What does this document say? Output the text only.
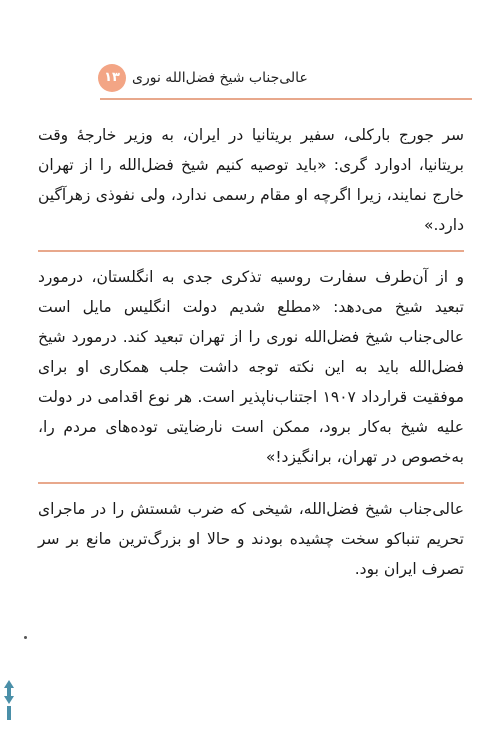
۱۳ عالی‌جناب شیخ فضل‌الله نوری

سر جورج بارکلی، سفیر بریتانیا در ایران، به وزیر خارجهٔ وقت بریتانیا، ادوارد گری: «باید توصیه کنیم شیخ فضل‌الله را از تهران خارج نمایند، زیرا اگرچه او مقام رسمی ندارد، ولی نفوذی زهرآگین دارد.»

و از آن‌طرف سفارت روسیه تذکری جدی به انگلستان، درمورد تبعید شیخ می‌دهد: «مطلع شدیم دولت انگلیس مایل است عالی‌جناب شیخ فضل‌الله نوری را از تهران تبعید کند. درمورد شیخ فضل‌الله باید به این نکته توجه داشت جلب همکاری او برای موفقیت قرارداد ۱۹۰۷ اجتناب‌ناپذیر است. هر نوع اقدامی در دولت علیه شیخ به‌کار برود، ممکن است نارضایتی توده‌های مردم را، به‌خصوص در تهران، برانگیزد!»

عالی‌جناب شیخ فضل‌الله، شیخی که ضرب شستش را در ماجرای تحریم تنباکو سخت چشیده بودند و حالا او بزرگ‌ترین مانع بر سر تصرف ایران بود.
